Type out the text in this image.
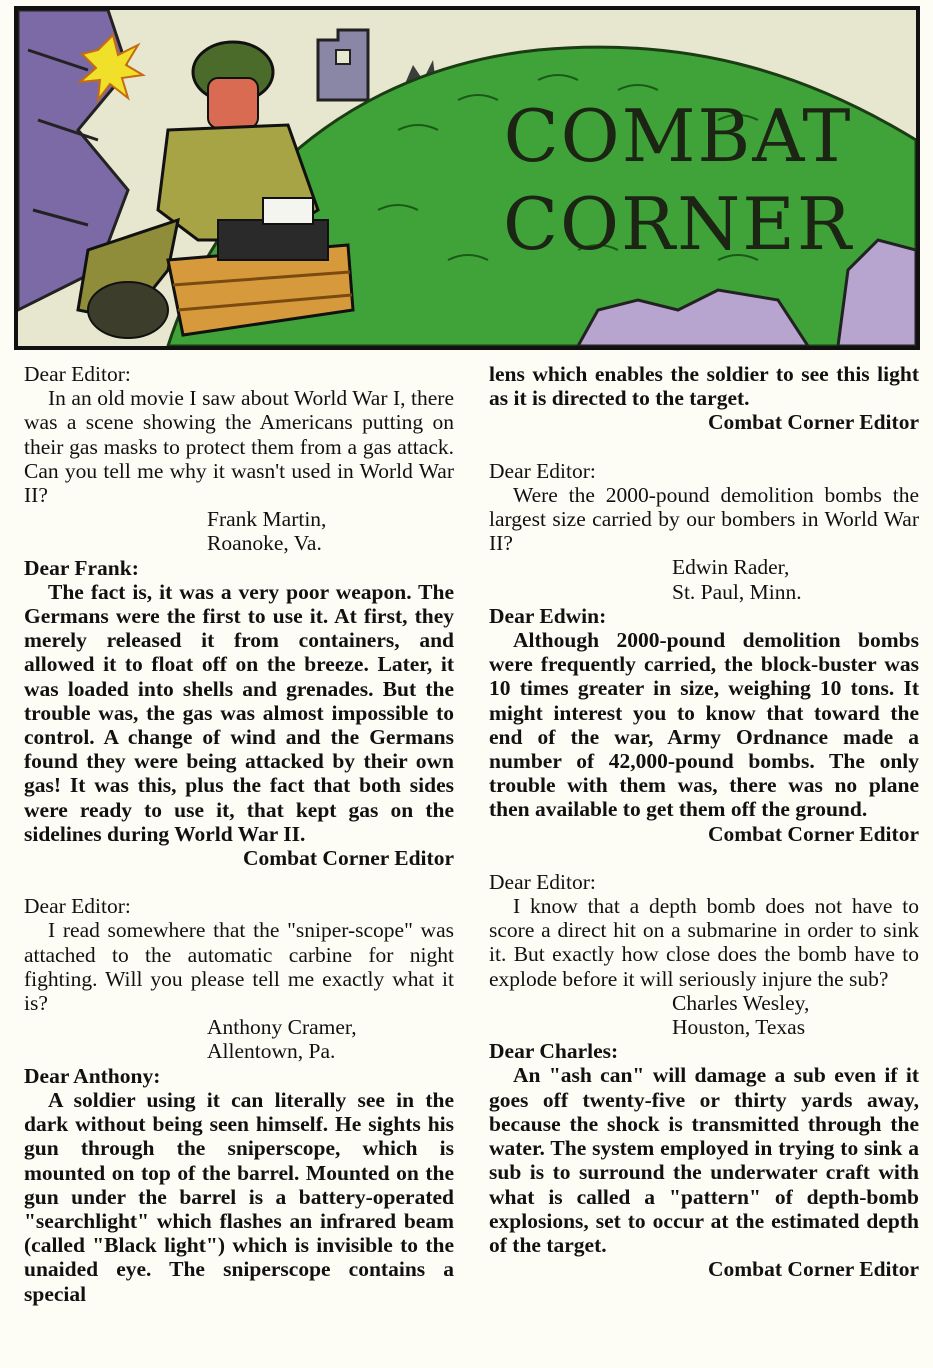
COMBAT
CORNER
Dear Editor:
In an old movie I saw about World War I, there was a scene showing the Americans putting on their gas masks to protect them from a gas attack. Can you tell me why it wasn't used in World War II?
Frank Martin,
Roanoke, Va.
Dear Frank:
The fact is, it was a very poor weapon. The Germans were the first to use it. At first, they merely released it from containers, and allowed it to float off on the breeze. Later, it was loaded into shells and grenades. But the trouble was, the gas was almost impossible to control. A change of wind and the Germans found they were being attacked by their own gas! It was this, plus the fact that both sides were ready to use it, that kept gas on the sidelines during World War II.
Combat Corner Editor
Dear Editor:
I read somewhere that the "sniper-scope" was attached to the automatic carbine for night fighting. Will you please tell me exactly what it is?
Anthony Cramer,
Allentown, Pa.
Dear Anthony:
A soldier using it can literally see in the dark without being seen himself. He sights his gun through the sniperscope, which is mounted on top of the barrel. Mounted on the gun under the barrel is a battery-operated "searchlight" which flashes an infrared beam (called "Black light") which is invisible to the unaided eye. The sniperscope contains a special
lens which enables the soldier to see this light as it is directed to the target.
Combat Corner Editor
Dear Editor:
Were the 2000-pound demolition bombs the largest size carried by our bombers in World War II?
Edwin Rader,
St. Paul, Minn.
Dear Edwin:
Although 2000-pound demolition bombs were frequently carried, the block-buster was 10 times greater in size, weighing 10 tons. It might interest you to know that toward the end of the war, Army Ordnance made a number of 42,000-pound bombs. The only trouble with them was, there was no plane then available to get them off the ground.
Combat Corner Editor
Dear Editor:
I know that a depth bomb does not have to score a direct hit on a submarine in order to sink it. But exactly how close does the bomb have to explode before it will seriously injure the sub?
Charles Wesley,
Houston, Texas
Dear Charles:
An "ash can" will damage a sub even if it goes off twenty-five or thirty yards away, because the shock is transmitted through the water. The system employed in trying to sink a sub is to surround the underwater craft with what is called a "pattern" of depth-bomb explosions, set to occur at the estimated depth of the target.
Combat Corner Editor
